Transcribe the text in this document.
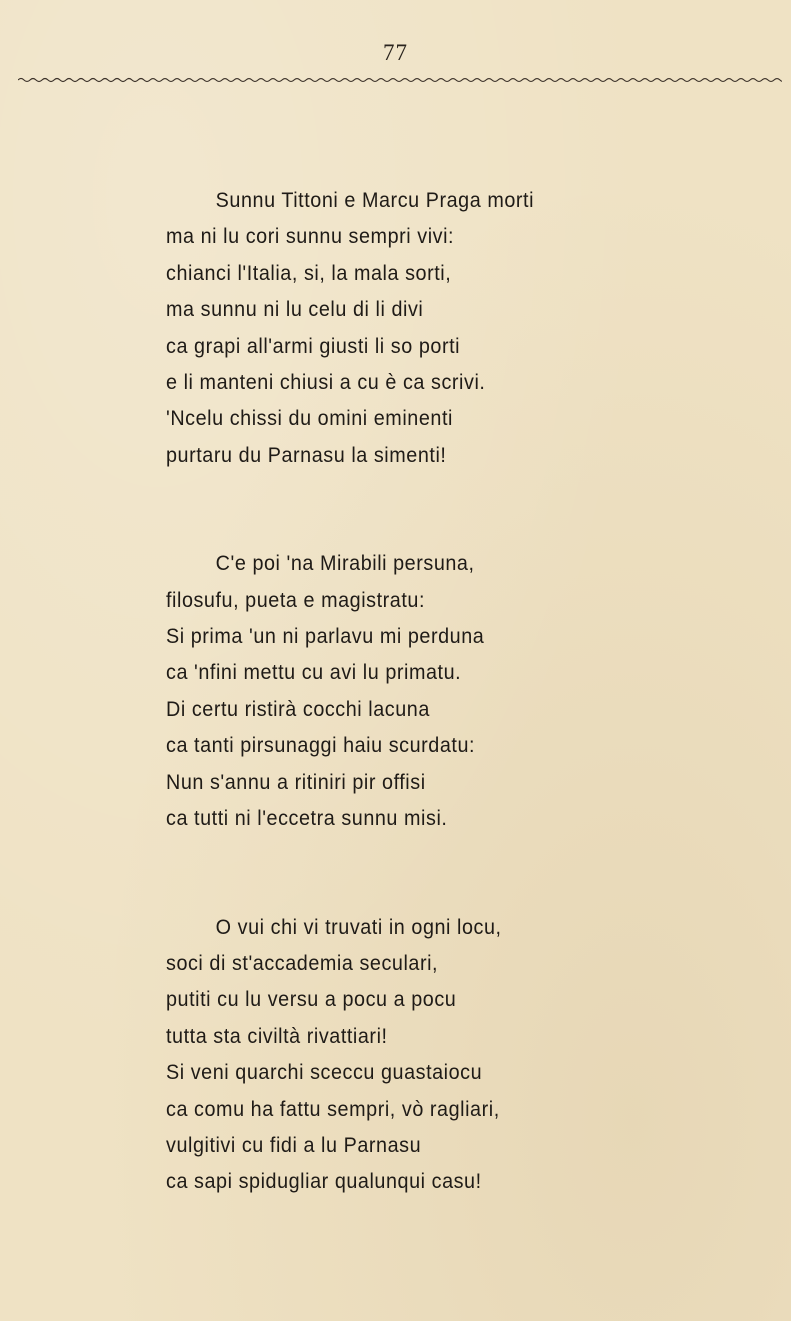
77
Sunnu Tittoni e Marcu Praga morti
ma ni lu cori sunnu sempri vivi:
chianci l'Italia, si, la mala sorti,
ma sunnu ni lu celu di li divi
ca grapi all'armi giusti li so porti
e li manteni chiusi a cu è ca scrivi.
'Ncelu chissi du omini eminenti
purtaru du Parnasu la simenti!
C'e poi 'na Mirabili persuna,
filosufu, pueta e magistratu:
Si prima 'un ni parlavu mi perduna
ca 'nfini mettu cu avi lu primatu.
Di certu ristirà cocchi lacuna
ca tanti pirsunaggi haiu scurdatu:
Nun s'annu a ritiniri pir offisi
ca tutti ni l'eccetra sunnu misi.
O vui chi vi truvati in ogni locu,
soci di st'accademia seculari,
putiti cu lu versu a pocu a pocu
tutta sta civiltà rivattiari!
Si veni quarchi sceccu guastaiocu
ca comu ha fattu sempri, vò ragliari,
vulgitivi cu fidi a lu Parnasu
ca sapi spidugliar qualunqui casu!
